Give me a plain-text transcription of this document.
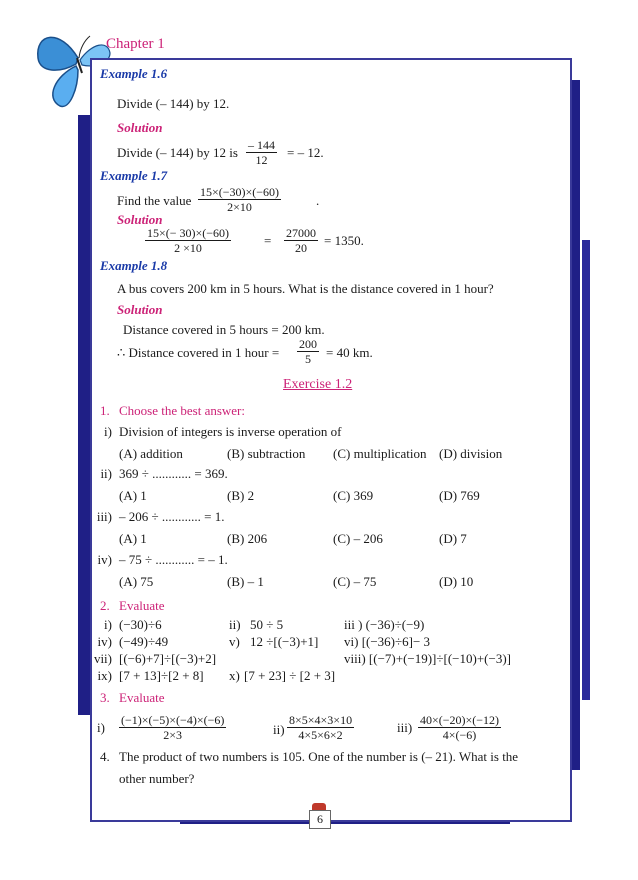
Chapter 1
Example 1.6
Divide (– 144) by 12.
Solution
Divide (– 144) by 12 is $\frac{- 144}{12}$ = – 12.
Example 1.7
Find the value $\frac{15\times(-30)\times(-60)}{2\times 10}$	.
Solution
$\frac{15\times(- 30)\times(-60)}{2 \times 10}$	= $\frac{27000}{20} = 1350$.
Example 1.8
A bus covers 200 km in 5 hours. What is the distance covered in 1 hour?
Solution
Distance covered in 5 hours = 200 km.
∴ Distance covered in 1 hour = $\frac{200}{5} = 40$ km.
Exercise 1.2
1. Choose the best answer:
i) Division of integers is inverse operation of
(A) addition	(B) subtraction (C) multiplication (D) division
ii) 369 ÷ ............ = 369.
(A) 1	(B) 2	(C) 369	(D) 769
iii) – 206 ÷ ............ = 1.
(A) 1	(B) 206	(C) – 206	(D) 7
iv) – 75 ÷ ............ = – 1.
(A) 75	(B) – 1	(C) – 75	(D) 10
2. Evaluate
i) (−30)÷6	ii) 50 ÷ 5	iii ) (−36)÷(−9)
iv) (−49)÷49	v) 12 ÷[(−3)+1] vi) [(−36)÷6]− 3
vii) [(−6)+7]÷[(−3)+2]	viii) [(−7)+(−19)]÷[(−10)+(−3)]
ix) [7 + 13]÷[2 + 8] x) [7 + 23] ÷ [2 + 3]
3. Evaluate
$i) \frac{(-1)\times(-5)\times(-4)\times(-6)}{2\times 3}$	$ii) \frac{8\times 5\times 4\times 3\times 10}{4\times 5\times 6\times 2}$	$iii) \frac{40\times(-20)\times(-12)}{4\times(-6)}$
4. The product of two numbers is 105. One of the number is (– 21). What is the
other number?
6
